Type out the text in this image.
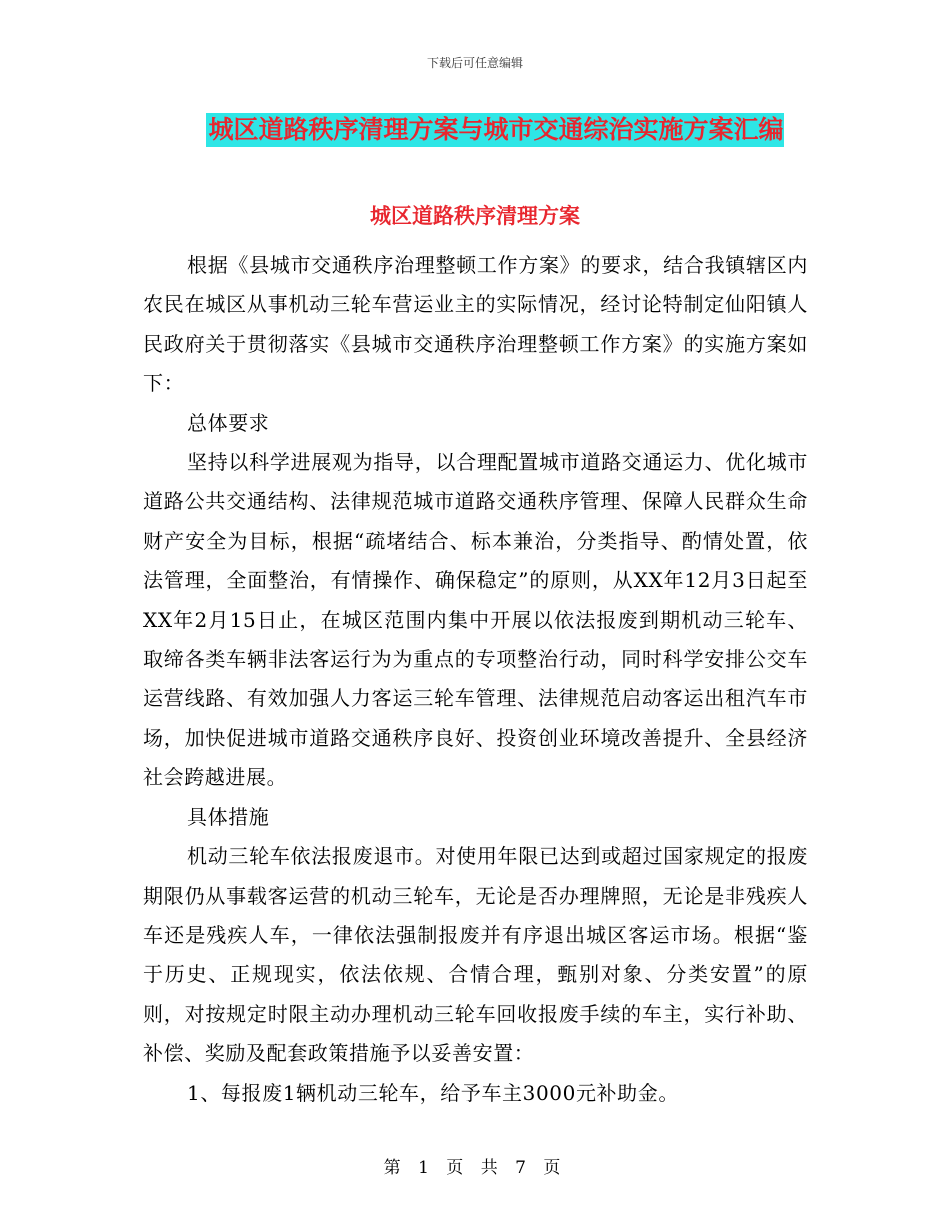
下载后可任意编辑
城区道路秩序清理方案与城市交通综治实施方案汇编
城区道路秩序清理方案

根据《县城市交通秩序治理整顿工作方案》的要求，结合我镇辖区内农民在城区从事机动三轮车营运业主的实际情况，经讨论特制定仙阳镇人民政府关于贯彻落实《县城市交通秩序治理整顿工作方案》的实施方案如下：

总体要求

坚持以科学进展观为指导，以合理配置城市道路交通运力、优化城市道路公共交通结构、法律规范城市道路交通秩序管理、保障人民群众生命财产安全为目标，根据“疏堵结合、标本兼治，分类指导、酌情处置，依法管理，全面整治，有情操作、确保稳定”的原则，从XX年12月3日起至XX年2月15日止，在城区范围内集中开展以依法报废到期机动三轮车、取缔各类车辆非法客运行为为重点的专项整治行动，同时科学安排公交车运营线路、有效加强人力客运三轮车管理、法律规范启动客运出租汽车市场，加快促进城市道路交通秩序良好、投资创业环境改善提升、全县经济社会跨越进展。

具体措施

机动三轮车依法报废退市。对使用年限已达到或超过国家规定的报废期限仍从事载客运营的机动三轮车，无论是否办理牌照，无论是非残疾人车还是残疾人车，一律依法强制报废并有序退出城区客运市场。根据“鉴于历史、正规现实，依法依规、合情合理，甄别对象、分类安置”的原则，对按规定时限主动办理机动三轮车回收报废手续的车主，实行补助、补偿、奖励及配套政策措施予以妥善安置：

1、每报废1辆机动三轮车，给予车主3000元补助金。

第 1 页 共 7 页
